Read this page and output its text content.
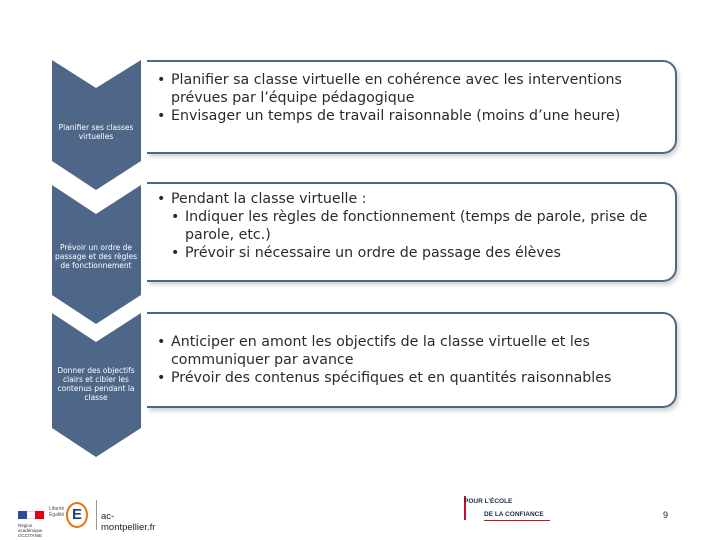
Planifier ses classes virtuelles
Prévoir un ordre de passage et des règles de fonctionnement
Donner des objectifs clairs et cibler les contenus pendant la classe
• Planifier sa classe virtuelle en cohérence avec les interventions prévues par l’équipe pédagogique
• Envisager un temps de travail raisonnable (moins d’une heure)
• Pendant la classe virtuelle :
• Indiquer les règles de fonctionnement (temps de parole, prise de parole, etc.)
• Prévoir si nécessaire un ordre de passage des élèves
• Anticiper en amont les objectifs de la classe virtuelle et les communiquer par avance
• Prévoir des contenus spécifiques et en quantités raisonnables
Région académique OCCITANIE
Liberté Égalité E	ac-montpellier.fr
POUR L’ÉCOLE
DE LA CONFIANCE	9
